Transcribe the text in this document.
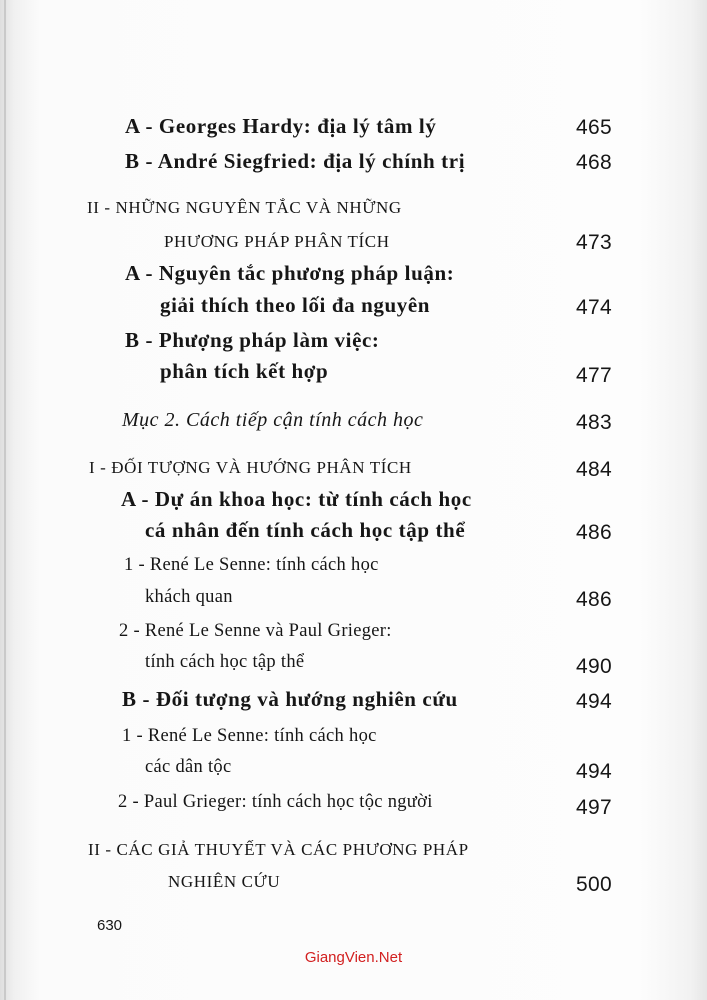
A - Georges Hardy: địa lý tâm lý	465
B - André Siegfried: địa lý chính trị	468
II - NHỮNG NGUYÊN TẮC VÀ NHỮNG
PHƯƠNG PHÁP PHÂN TÍCH	473
A - Nguyên tắc phương pháp luận:
giải thích theo lối đa nguyên	474
B - Phượng pháp làm việc:
phân tích kết hợp	477
Mục 2. Cách tiếp cận tính cách học	483
I - ĐỐI TƯỢNG VÀ HƯỚNG PHÂN TÍCH	484
A - Dự án khoa học: từ tính cách học
cá nhân đến tính cách học tập thể	486
1 - René Le Senne: tính cách học
khách quan	486
2 - René Le Senne và Paul Grieger:
tính cách học tập thể	490
B - Đối tượng và hướng nghiên cứu	494
1 - René Le Senne: tính cách học
các dân tộc	494
2 - Paul Grieger: tính cách học tộc người	497
II - CÁC GIẢ THUYẾT VÀ CÁC PHƯƠNG PHÁP
NGHIÊN CỨU	500
630
GiangVien.Net
